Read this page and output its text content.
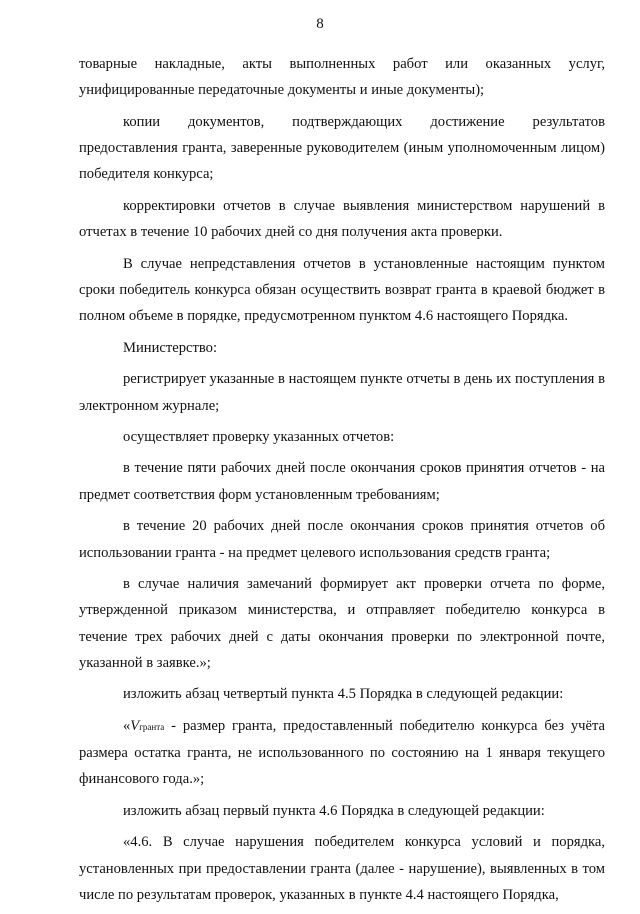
8

товарные накладные, акты выполненных работ или оказанных услуг, унифицированные передаточные документы и иные документы);

копии документов, подтверждающих достижение результатов предоставления гранта, заверенные руководителем (иным уполномоченным лицом) победителя конкурса;

корректировки отчетов в случае выявления министерством нарушений в отчетах в течение 10 рабочих дней со дня получения акта проверки.

В случае непредставления отчетов в установленные настоящим пунктом сроки победитель конкурса обязан осуществить возврат гранта в краевой бюджет в полном объеме в порядке, предусмотренном пунктом 4.6 настоящего Порядка.

Министерство:

регистрирует указанные в настоящем пункте отчеты в день их поступления в электронном журнале;

осуществляет проверку указанных отчетов:

в течение пяти рабочих дней после окончания сроков принятия отчетов - на предмет соответствия форм установленным требованиям;

в течение 20 рабочих дней после окончания сроков принятия отчетов об использовании гранта - на предмет целевого использования средств гранта;

в случае наличия замечаний формирует акт проверки отчета по форме, утвержденной приказом министерства, и отправляет победителю конкурса в течение трех рабочих дней с даты окончания проверки по электронной почте, указанной в заявке.»;

изложить абзац четвертый пункта 4.5 Порядка в следующей редакции:

«Vгранта - размер гранта, предоставленный победителю конкурса без учёта размера остатка гранта, не использованного по состоянию на 1 января текущего финансового года.»;

изложить абзац первый пункта 4.6 Порядка в следующей редакции:

«4.6. В случае нарушения победителем конкурса условий и порядка, установленных при предоставлении гранта (далее - нарушение), выявленных в том числе по результатам проверок, указанных в пункте 4.4 настоящего Порядка,
